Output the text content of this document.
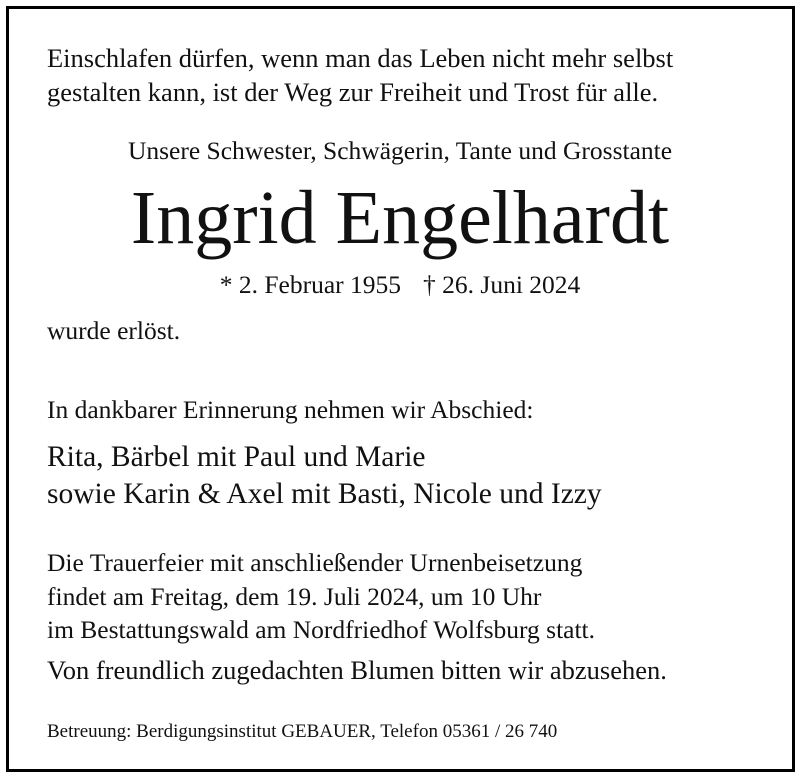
Einschlafen dürfen, wenn man das Leben nicht mehr selbst
gestalten kann, ist der Weg zur Freiheit und Trost für alle.
Unsere Schwester, Schwägerin, Tante und Grosstante
Ingrid Engelhardt
* 2. Februar 1955 † 26. Juni 2024
wurde erlöst.
In dankbarer Erinnerung nehmen wir Abschied:
Rita, Bärbel mit Paul und Marie
sowie Karin & Axel mit Basti, Nicole und Izzy
Die Trauerfeier mit anschließender Urnenbeisetzung
findet am Freitag, dem 19. Juli 2024, um 10 Uhr
im Bestattungswald am Nordfriedhof Wolfsburg statt.
Von freundlich zugedachten Blumen bitten wir abzusehen.
Betreuung: Berdigungsinstitut GEBAUER, Telefon 05361 / 26 740
